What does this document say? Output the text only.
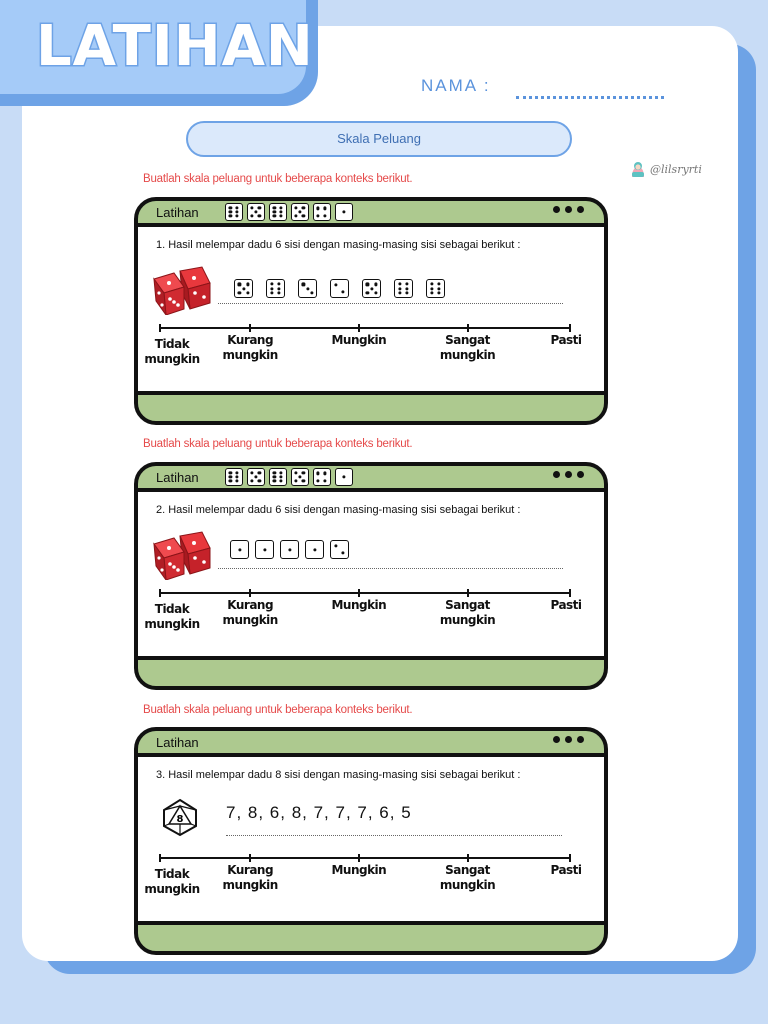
NAMA :
LATIHAN
Skala Peluang
@lilsryrti
Buatlah skala peluang untuk beberapa konteks berikut.
Latihan
1. Hasil melempar dadu 6 sisi dengan masing-masing sisi sebagai berikut :
Tidak
mungkin
Kurang
mungkin
Mungkin	Sangat
mungkin
Pasti
Buatlah skala peluang untuk beberapa konteks berikut.
Latihan
2. Hasil melempar dadu 6 sisi dengan masing-masing sisi sebagai berikut :
Tidak
mungkin
Kurang
mungkin
Mungkin	Sangat
mungkin
Pasti
Buatlah skala peluang untuk beberapa konteks berikut.
Latihan
3. Hasil melempar dadu 8 sisi dengan masing-masing sisi sebagai berikut :
8	7, 8, 6, 8, 7, 7, 7, 6, 5
Tidak
mungkin
Kurang
mungkin
Mungkin	Sangat
mungkin
Pasti
